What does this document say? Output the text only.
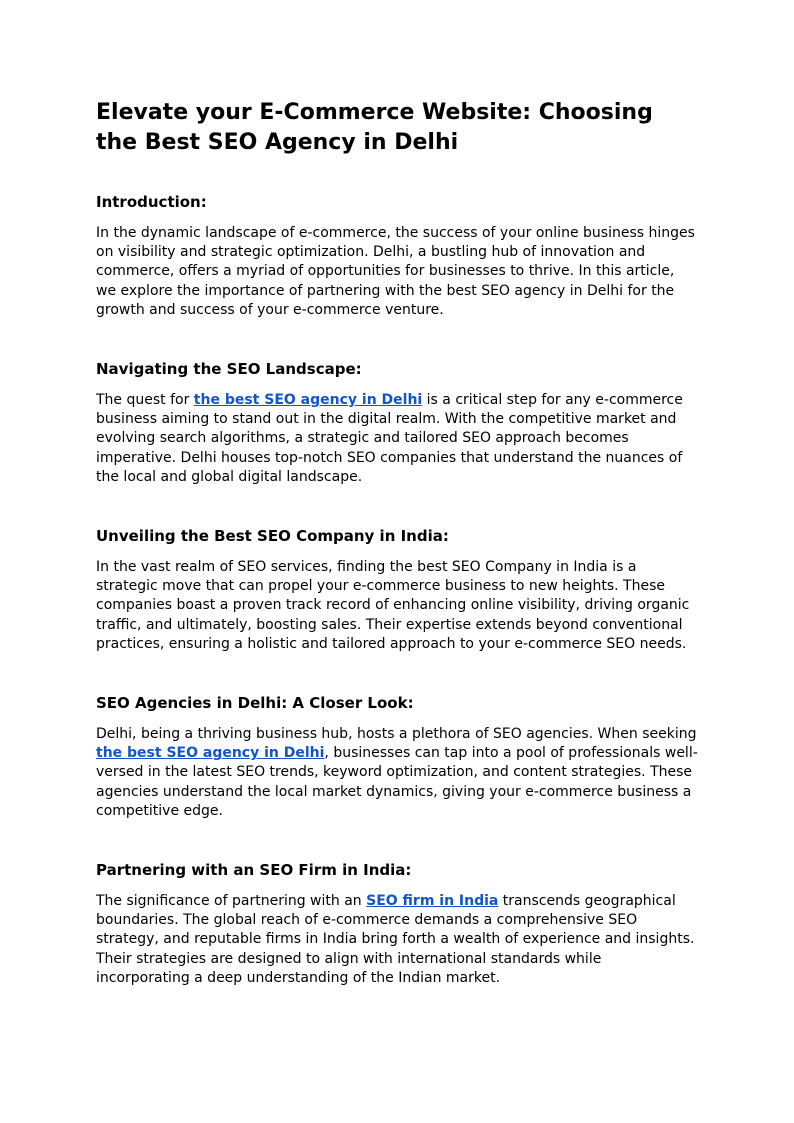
Elevate your E-Commerce Website: Choosing the Best SEO Agency in Delhi
Introduction:

In the dynamic landscape of e-commerce, the success of your online business hinges on visibility and strategic optimization. Delhi, a bustling hub of innovation and commerce, offers a myriad of opportunities for businesses to thrive. In this article, we explore the importance of partnering with the best SEO agency in Delhi for the growth and success of your e-commerce venture.

Navigating the SEO Landscape:

The quest for the best SEO agency in Delhi is a critical step for any e-commerce business aiming to stand out in the digital realm. With the competitive market and evolving search algorithms, a strategic and tailored SEO approach becomes imperative. Delhi houses top-notch SEO companies that understand the nuances of the local and global digital landscape.

Unveiling the Best SEO Company in India:

In the vast realm of SEO services, finding the best SEO Company in India is a strategic move that can propel your e-commerce business to new heights. These companies boast a proven track record of enhancing online visibility, driving organic traffic, and ultimately, boosting sales. Their expertise extends beyond conventional practices, ensuring a holistic and tailored approach to your e-commerce SEO needs.

SEO Agencies in Delhi: A Closer Look:

Delhi, being a thriving business hub, hosts a plethora of SEO agencies. When seeking the best SEO agency in Delhi, businesses can tap into a pool of professionals well-versed in the latest SEO trends, keyword optimization, and content strategies. These agencies understand the local market dynamics, giving your e-commerce business a competitive edge.

Partnering with an SEO Firm in India:

The significance of partnering with an SEO firm in India transcends geographical boundaries. The global reach of e-commerce demands a comprehensive SEO strategy, and reputable firms in India bring forth a wealth of experience and insights. Their strategies are designed to align with international standards while incorporating a deep understanding of the Indian market.
